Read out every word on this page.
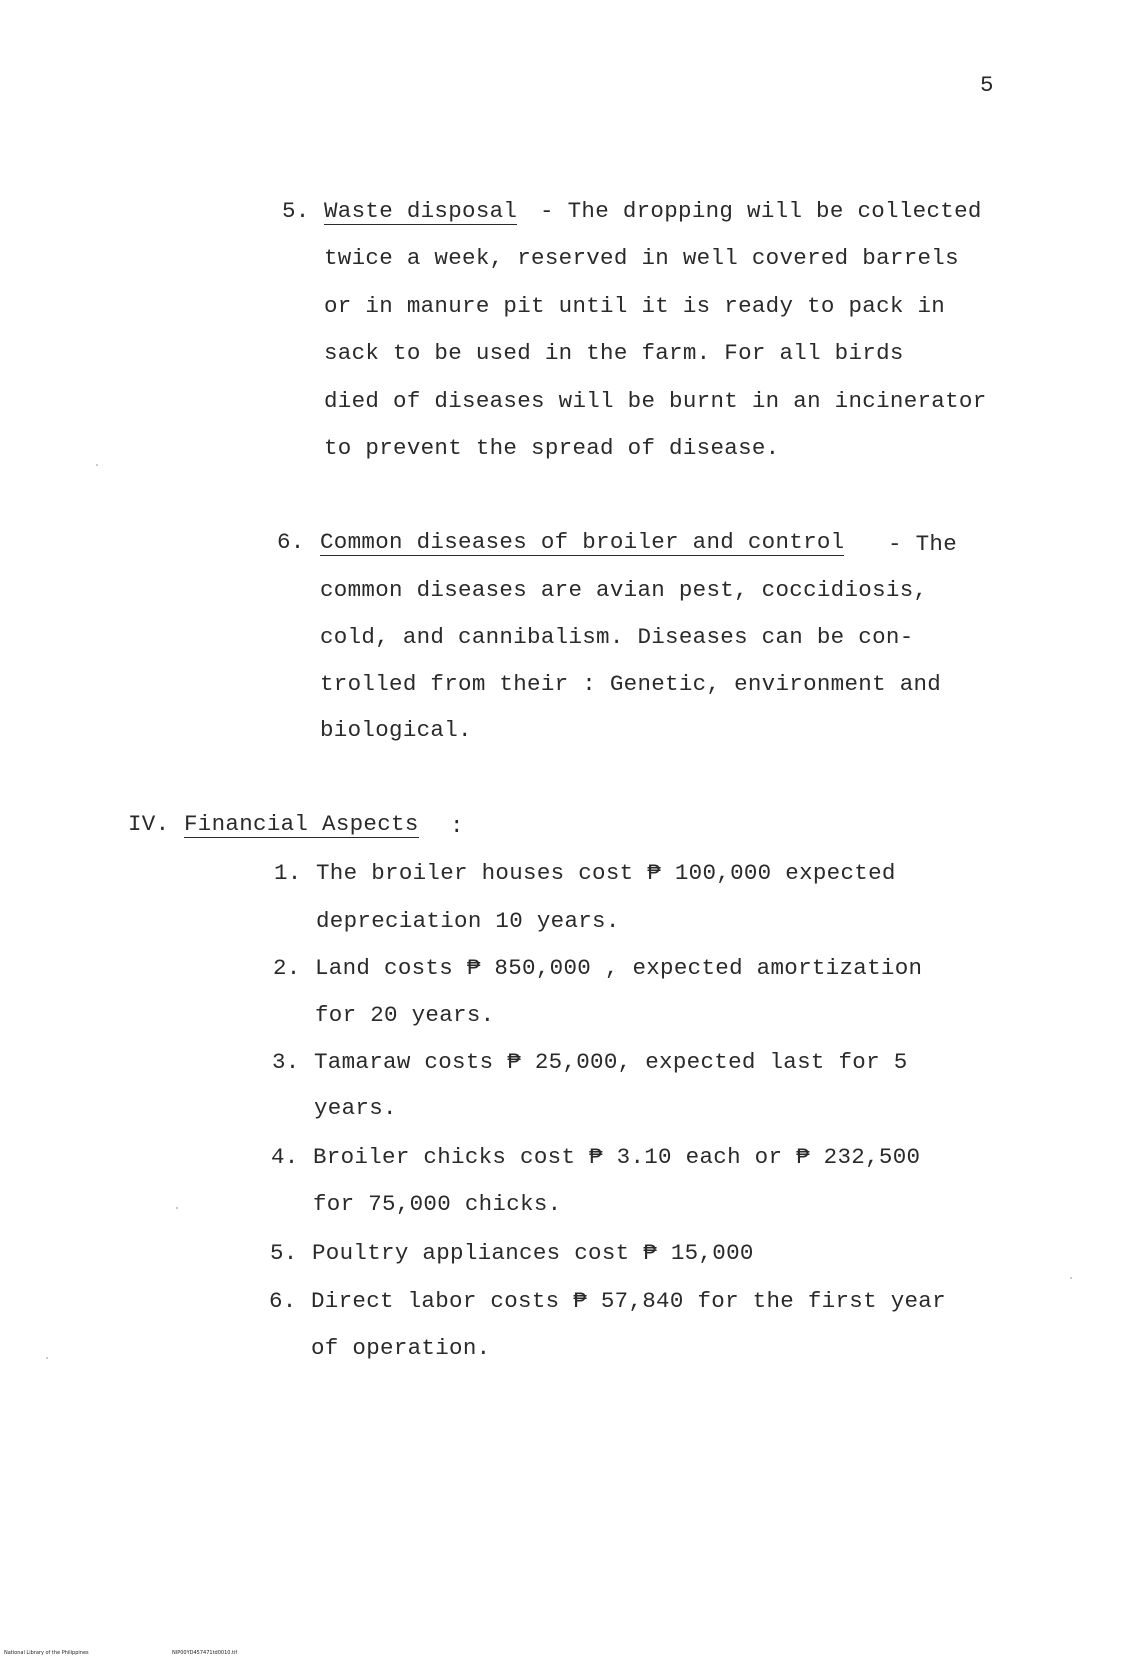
5
5. Waste disposal - The dropping will be collected
twice a week, reserved in well covered barrels
or in manure pit until it is ready to pack in
sack to be used in the farm. For all birds
died of diseases will be burnt in an incinerator
to prevent the spread of disease.
6. Common diseases of broiler and control - The
common diseases are avian pest, coccidiosis,
cold, and cannibalism. Diseases can be con-
trolled from their : Genetic, environment and
biological.
IV. Financial Aspects :
1. The broiler houses cost ₱ 100,000 expected
depreciation 10 years.
2. Land costs ₱ 850,000 , expected amortization
for 20 years.
3. Tamaraw costs ₱ 25,000, expected last for 5
years.
4. Broiler chicks cost ₱ 3.10 each or ₱ 232,500
for 75,000 chicks.
5. Poultry appliances cost ₱ 15,000
6. Direct labor costs ₱ 57,840 for the first year
of operation.
National Library of the Philippines	NIP00YD457471td0010.tif
